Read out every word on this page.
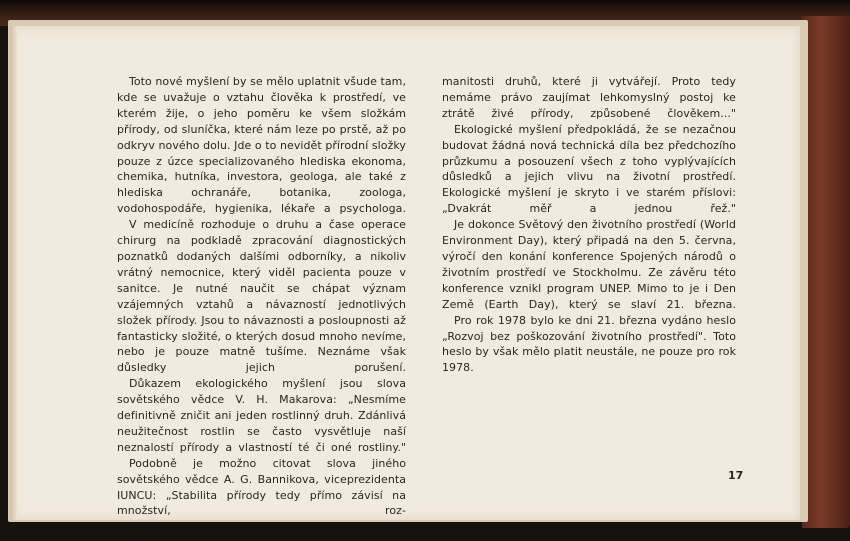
Toto nové myšlení by se mělo uplatnit všude tam, kde se uvažuje o vztahu člověka k prostředí, ve kterém žije, o jeho poměru ke všem složkám přírody, od sluníčka, které nám leze po prstě, až po odkryv nového dolu. Jde o to nevidět přírodní složky pouze z úzce specializovaného hlediska ekonoma, chemika, hutníka, investora, geologa, ale také z hlediska ochranáře, botanika, zoologa, vodohospodáře, hygienika, lékaře a psychologa.

V medicíně rozhoduje o druhu a čase operace chirurg na podkladě zpracování diagnostických poznatků dodaných dalšími odborníky, a nikoliv vrátný nemocnice, který viděl pacienta pouze v sanitce. Je nutné naučit se chápat význam vzájemných vztahů a návazností jednotlivých složek přírody. Jsou to návaznosti a posloupnosti až fantasticky složité, o kterých dosud mnoho nevíme, nebo je pouze matně tušíme. Neznáme však důsledky jejich porušení.

Důkazem ekologického myšlení jsou slova sovětského vědce V. H. Makarova: „Nesmíme definitivně zničit ani jeden rostlinný druh. Zdánlivá neužitečnost rostlin se často vysvětluje naší neznalostí přírody a vlastností té či oné rostliny."

Podobně je možno citovat slova jiného sovětského vědce A. G. Bannikova, viceprezidenta IUNCU: „Stabilita přírody tedy přímo závisí na množství, roz-

manitosti druhů, které ji vytvářejí. Proto tedy nemáme právo zaujímat lehkomyslný postoj ke ztrátě živé přírody, způsobené člověkem..."

Ekologické myšlení předpokládá, že se nezačnou budovat žádná nová technická díla bez předchozího průzkumu a posouzení všech z toho vyplývajících důsledků a jejich vlivu na životní prostředí. Ekologické myšlení je skryto i ve starém příslovi: „Dvakrát měř a jednou řež."

Je dokonce Světový den životního prostředí (World Environment Day), který připadá na den 5. června, výročí den konání konference Spojených národů o životním prostředí ve Stockholmu. Ze závěru této konference vznikl program UNEP. Mimo to je i Den Země (Earth Day), který se slaví 21. března.

Pro rok 1978 bylo ke dni 21. března vydáno heslo „Rozvoj bez poškozování životního prostředí". Toto heslo by však mělo platit neustále, ne pouze pro rok 1978.

17
